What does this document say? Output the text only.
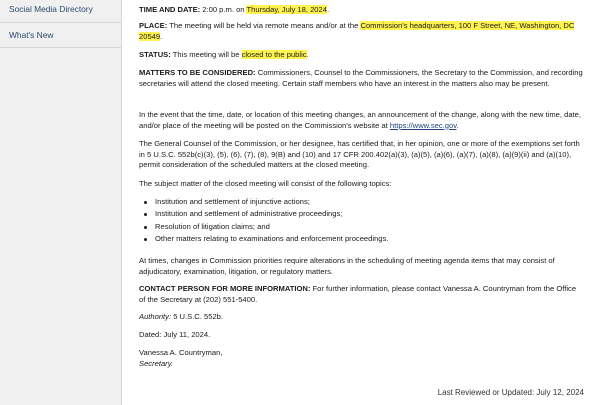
Social Media Directory
What's New

TIME AND DATE: 2:00 p.m. on Thursday, July 18, 2024.

PLACE: The meeting will be held via remote means and/or at the Commission's headquarters, 100 F Street, NE, Washington, DC 20549.

STATUS: This meeting will be closed to the public.

MATTERS TO BE CONSIDERED: Commissioners, Counsel to the Commissioners, the Secretary to the Commission, and recording secretaries will attend the closed meeting. Certain staff members who have an interest in the matters also may be present.

In the event that the time, date, or location of this meeting changes, an announcement of the change, along with the new time, date, and/or place of the meeting will be posted on the Commission's website at https://www.sec.gov.

The General Counsel of the Commission, or her designee, has certified that, in her opinion, one or more of the exemptions set forth in 5 U.S.C. 552b(c)(3), (5), (6), (7), (8), 9(B) and (10) and 17 CFR 200.402(a)(3), (a)(5), (a)(6), (a)(7), (a)(8), (a)(9)(ii) and (a)(10), permit consideration of the scheduled matters at the closed meeting.

The subject matter of the closed meeting will consist of the following topics:

Institution and settlement of injunctive actions;
Institution and settlement of administrative proceedings;
Resolution of litigation claims; and
Other matters relating to examinations and enforcement proceedings.

At times, changes in Commission priorities require alterations in the scheduling of meeting agenda items that may consist of adjudicatory, examination, litigation, or regulatory matters.

CONTACT PERSON FOR MORE INFORMATION: For further information, please contact Vanessa A. Countryman from the Office of the Secretary at (202) 551-5400.

Authority: 5 U.S.C. 552b.

Dated: July 11, 2024.

Vanessa A. Countryman,

Secretary.

Last Reviewed or Updated: July 12, 2024
